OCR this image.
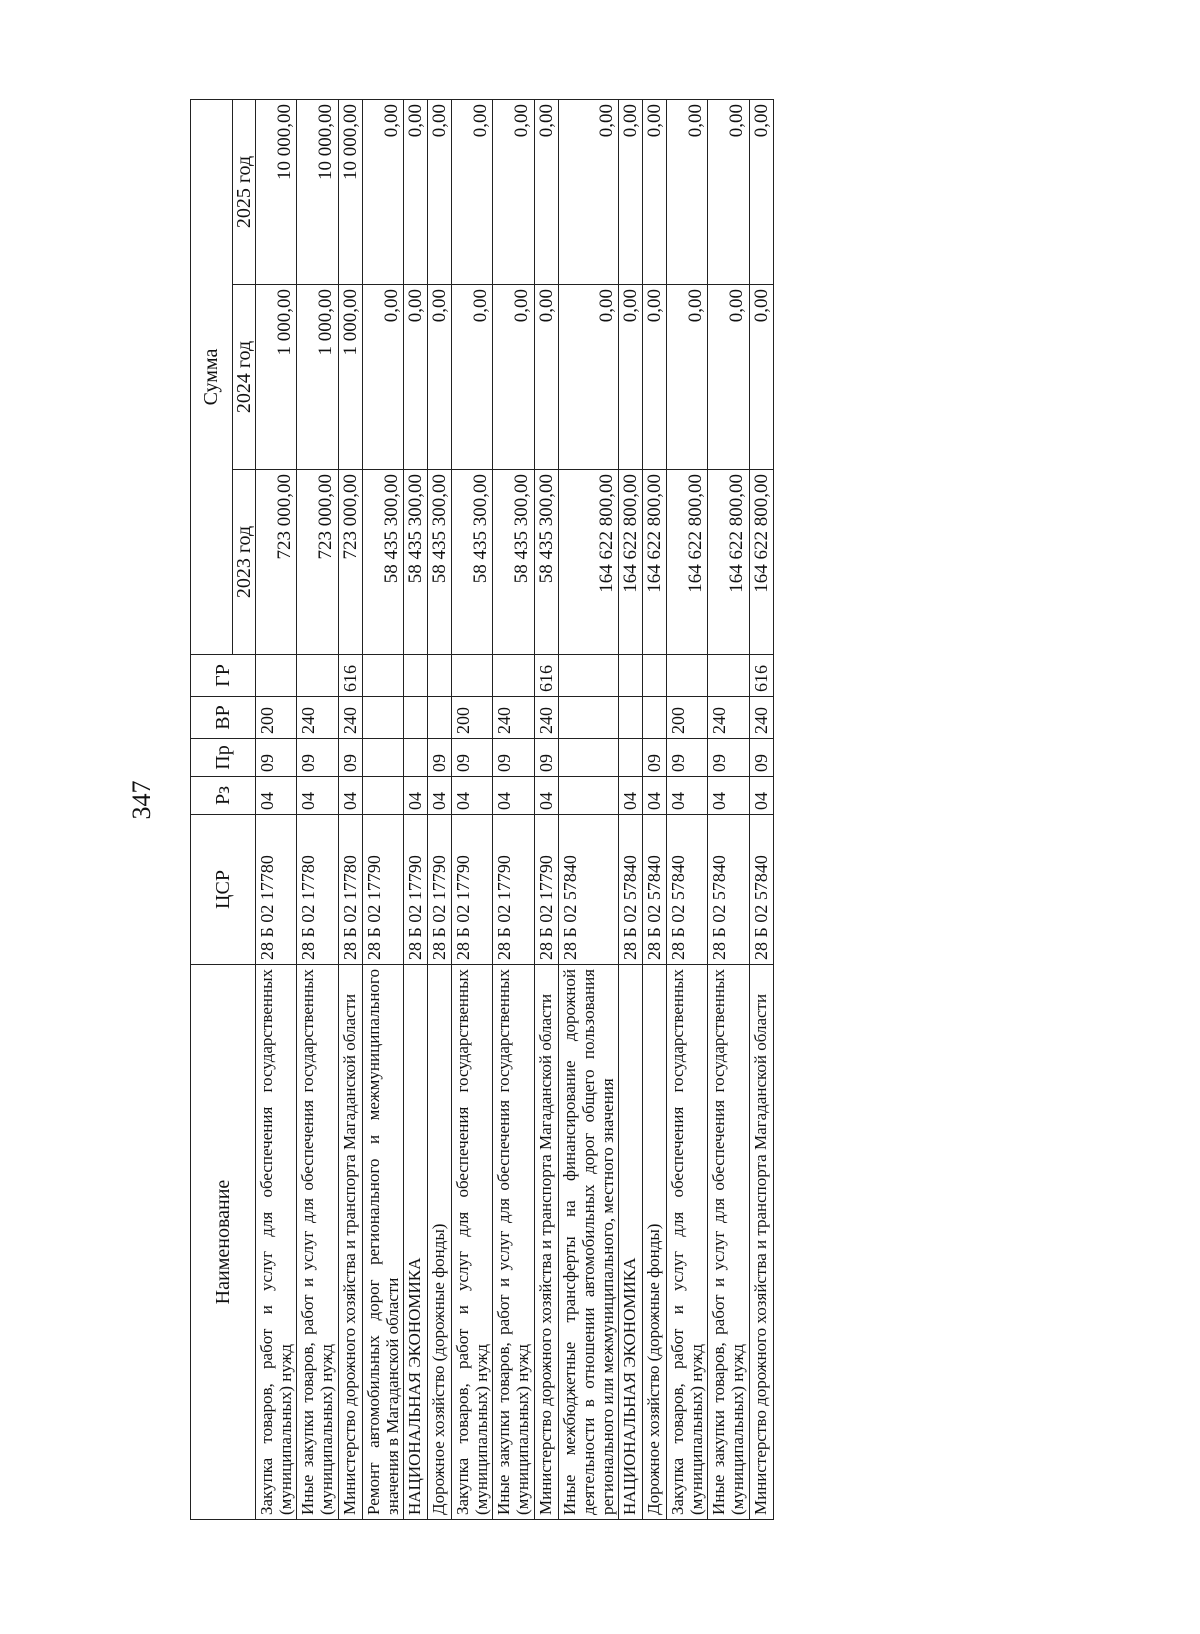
347
Наименование	ЦСР	Рз	Пр	ВР	ГР	Сумма		
						2023 год	2024 год	2025 год
Закупка товаров, работ и услуг для обеспечения государственных (муниципальных) нужд	28 Б 02 17780	04	09	200		723 000,00	1 000,00	10 000,00
Иные закупки товаров, работ и услуг для обеспечения государственных (муниципальных) нужд	28 Б 02 17780	04	09	240		723 000,00	1 000,00	10 000,00
Министерство дорожного хозяйства и транспорта Магаданской области	28 Б 02 17780	04	09	240	616	723 000,00	1 000,00	10 000,00
Ремонт автомобильных дорог регионального и межмуниципального значения в Магаданской области	28 Б 02 17790					58 435 300,00	0,00	0,00
НАЦИОНАЛЬНАЯ ЭКОНОМИКА	28 Б 02 17790	04				58 435 300,00	0,00	0,00
Дорожное хозяйство (дорожные фонды)	28 Б 02 17790	04	09			58 435 300,00	0,00	0,00
Закупка товаров, работ и услуг для обеспечения государственных (муниципальных) нужд	28 Б 02 17790	04	09	200		58 435 300,00	0,00	0,00
Иные закупки товаров, работ и услуг для обеспечения государственных (муниципальных) нужд	28 Б 02 17790	04	09	240		58 435 300,00	0,00	0,00
Министерство дорожного хозяйства и транспорта Магаданской области	28 Б 02 17790	04	09	240	616	58 435 300,00	0,00	0,00
Иные межбюджетные трансферты на финансирование дорожной деятельности в отношении автомобильных дорог общего пользования регионального или межмуниципального, местного значения	28 Б 02 57840					164 622 800,00	0,00	0,00
НАЦИОНАЛЬНАЯ ЭКОНОМИКА	28 Б 02 57840	04				164 622 800,00	0,00	0,00
Дорожное хозяйство (дорожные фонды)	28 Б 02 57840	04	09			164 622 800,00	0,00	0,00
Закупка товаров, работ и услуг для обеспечения государственных (муниципальных) нужд	28 Б 02 57840	04	09	200		164 622 800,00	0,00	0,00
Иные закупки товаров, работ и услуг для обеспечения государственных (муниципальных) нужд	28 Б 02 57840	04	09	240		164 622 800,00	0,00	0,00
Министерство дорожного хозяйства и транспорта Магаданской области	28 Б 02 57840	04	09	240	616	164 622 800,00	0,00	0,00
